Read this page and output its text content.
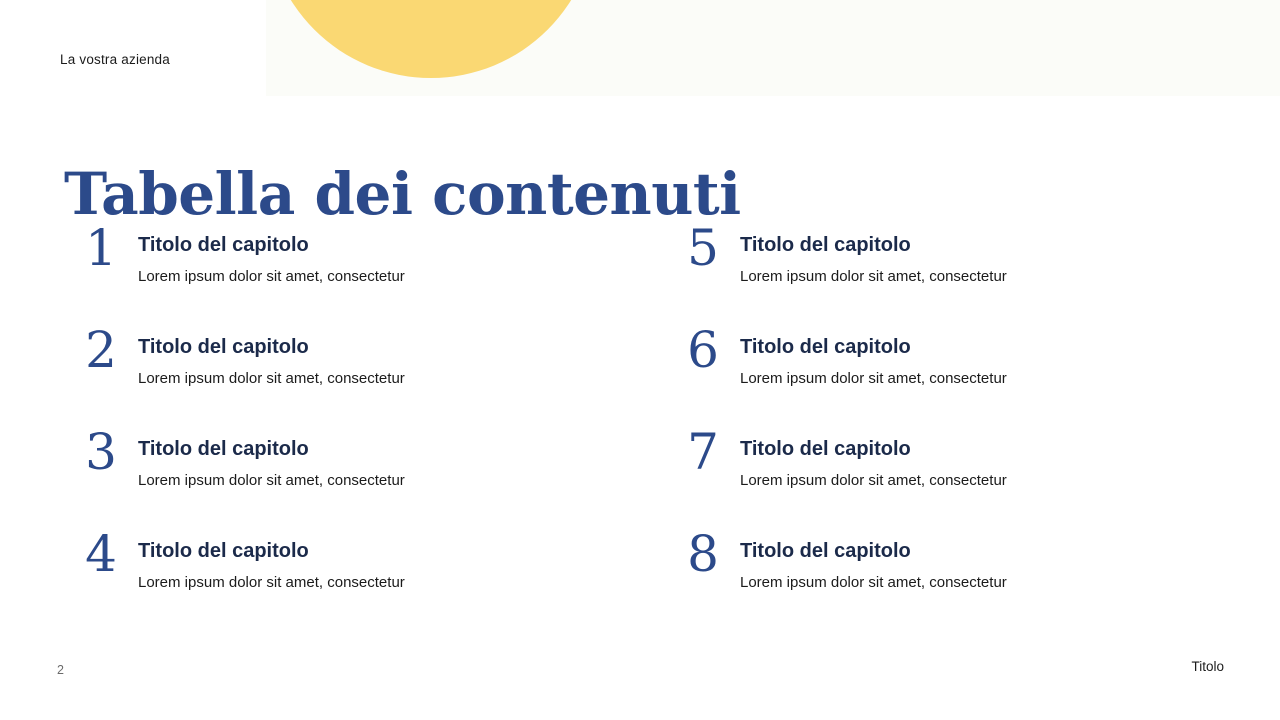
La vostra azienda
Tabella dei contenuti
1	Titolo del capitolo
Lorem ipsum dolor sit amet, consectetur
2	Titolo del capitolo
Lorem ipsum dolor sit amet, consectetur
3	Titolo del capitolo
Lorem ipsum dolor sit amet, consectetur
4	Titolo del capitolo
Lorem ipsum dolor sit amet, consectetur
5	Titolo del capitolo
Lorem ipsum dolor sit amet, consectetur
6	Titolo del capitolo
Lorem ipsum dolor sit amet, consectetur
7	Titolo del capitolo
Lorem ipsum dolor sit amet, consectetur
8	Titolo del capitolo
Lorem ipsum dolor sit amet, consectetur
2	Titolo
